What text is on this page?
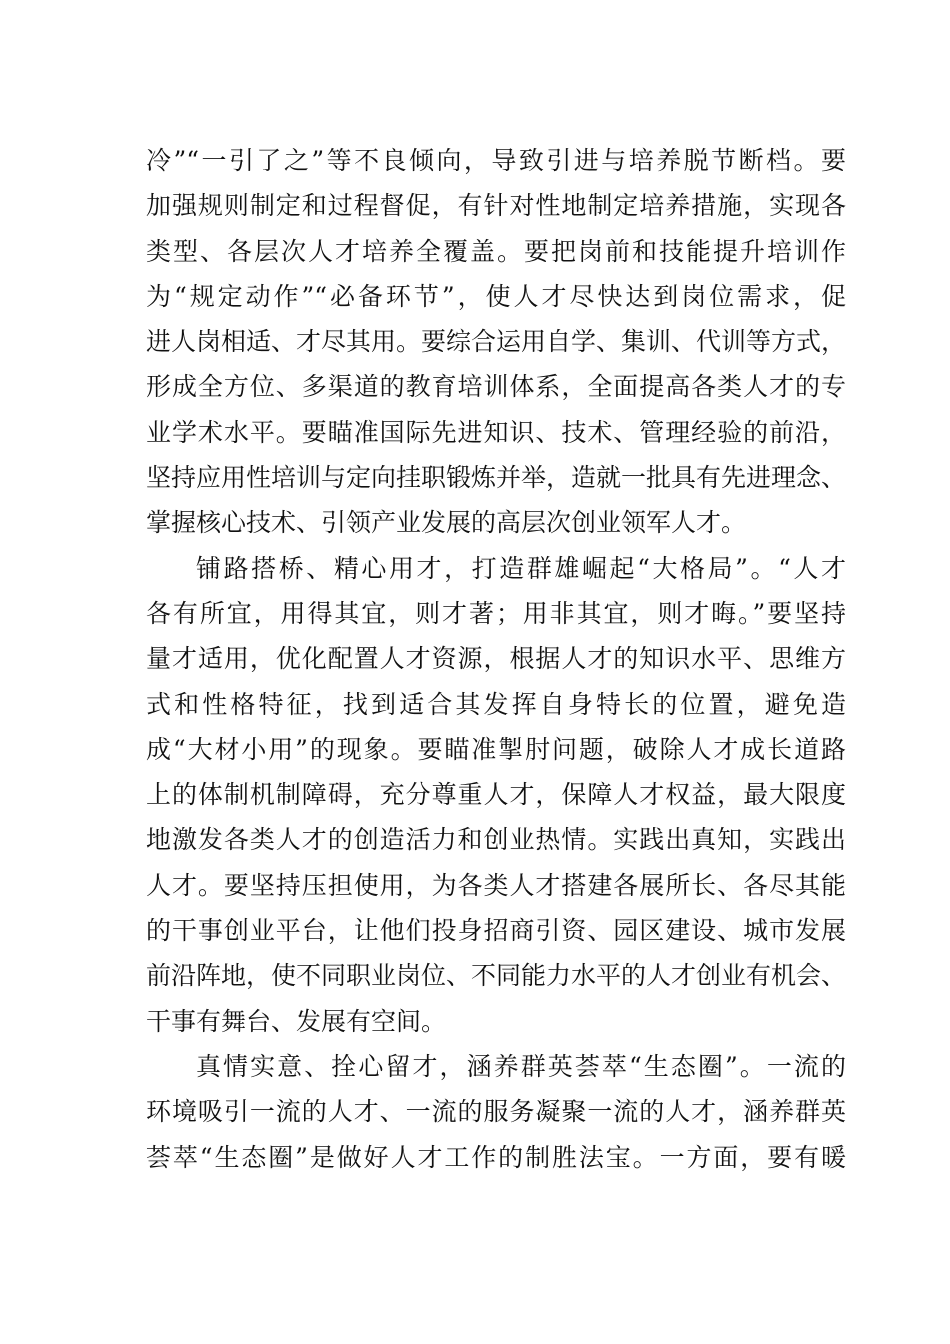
冷”“一引了之”等不良倾向，导致引进与培养脱节断档。要
加强规则制定和过程督促，有针对性地制定培养措施，实现各
类型、各层次人才培养全覆盖。要把岗前和技能提升培训作
为“规定动作”“必备环节”，使人才尽快达到岗位需求，促
进人岗相适、才尽其用。要综合运用自学、集训、代训等方式，
形成全方位、多渠道的教育培训体系，全面提高各类人才的专
业学术水平。要瞄准国际先进知识、技术、管理经验的前沿，
坚持应用性培训与定向挂职锻炼并举，造就一批具有先进理念、
掌握核心技术、引领产业发展的高层次创业领军人才。
铺路搭桥、精心用才，打造群雄崛起“大格局”。“人才
各有所宜，用得其宜，则才著；用非其宜，则才晦。”要坚持
量才适用，优化配置人才资源，根据人才的知识水平、思维方
式和性格特征，找到适合其发挥自身特长的位置，避免造
成“大材小用”的现象。要瞄准掣肘问题，破除人才成长道路
上的体制机制障碍，充分尊重人才，保障人才权益，最大限度
地激发各类人才的创造活力和创业热情。实践出真知，实践出
人才。要坚持压担使用，为各类人才搭建各展所长、各尽其能
的干事创业平台，让他们投身招商引资、园区建设、城市发展
前沿阵地，使不同职业岗位、不同能力水平的人才创业有机会、
干事有舞台、发展有空间。
真情实意、拴心留才，涵养群英荟萃“生态圈”。一流的
环境吸引一流的人才、一流的服务凝聚一流的人才，涵养群英
荟萃“生态圈”是做好人才工作的制胜法宝。一方面，要有暖
